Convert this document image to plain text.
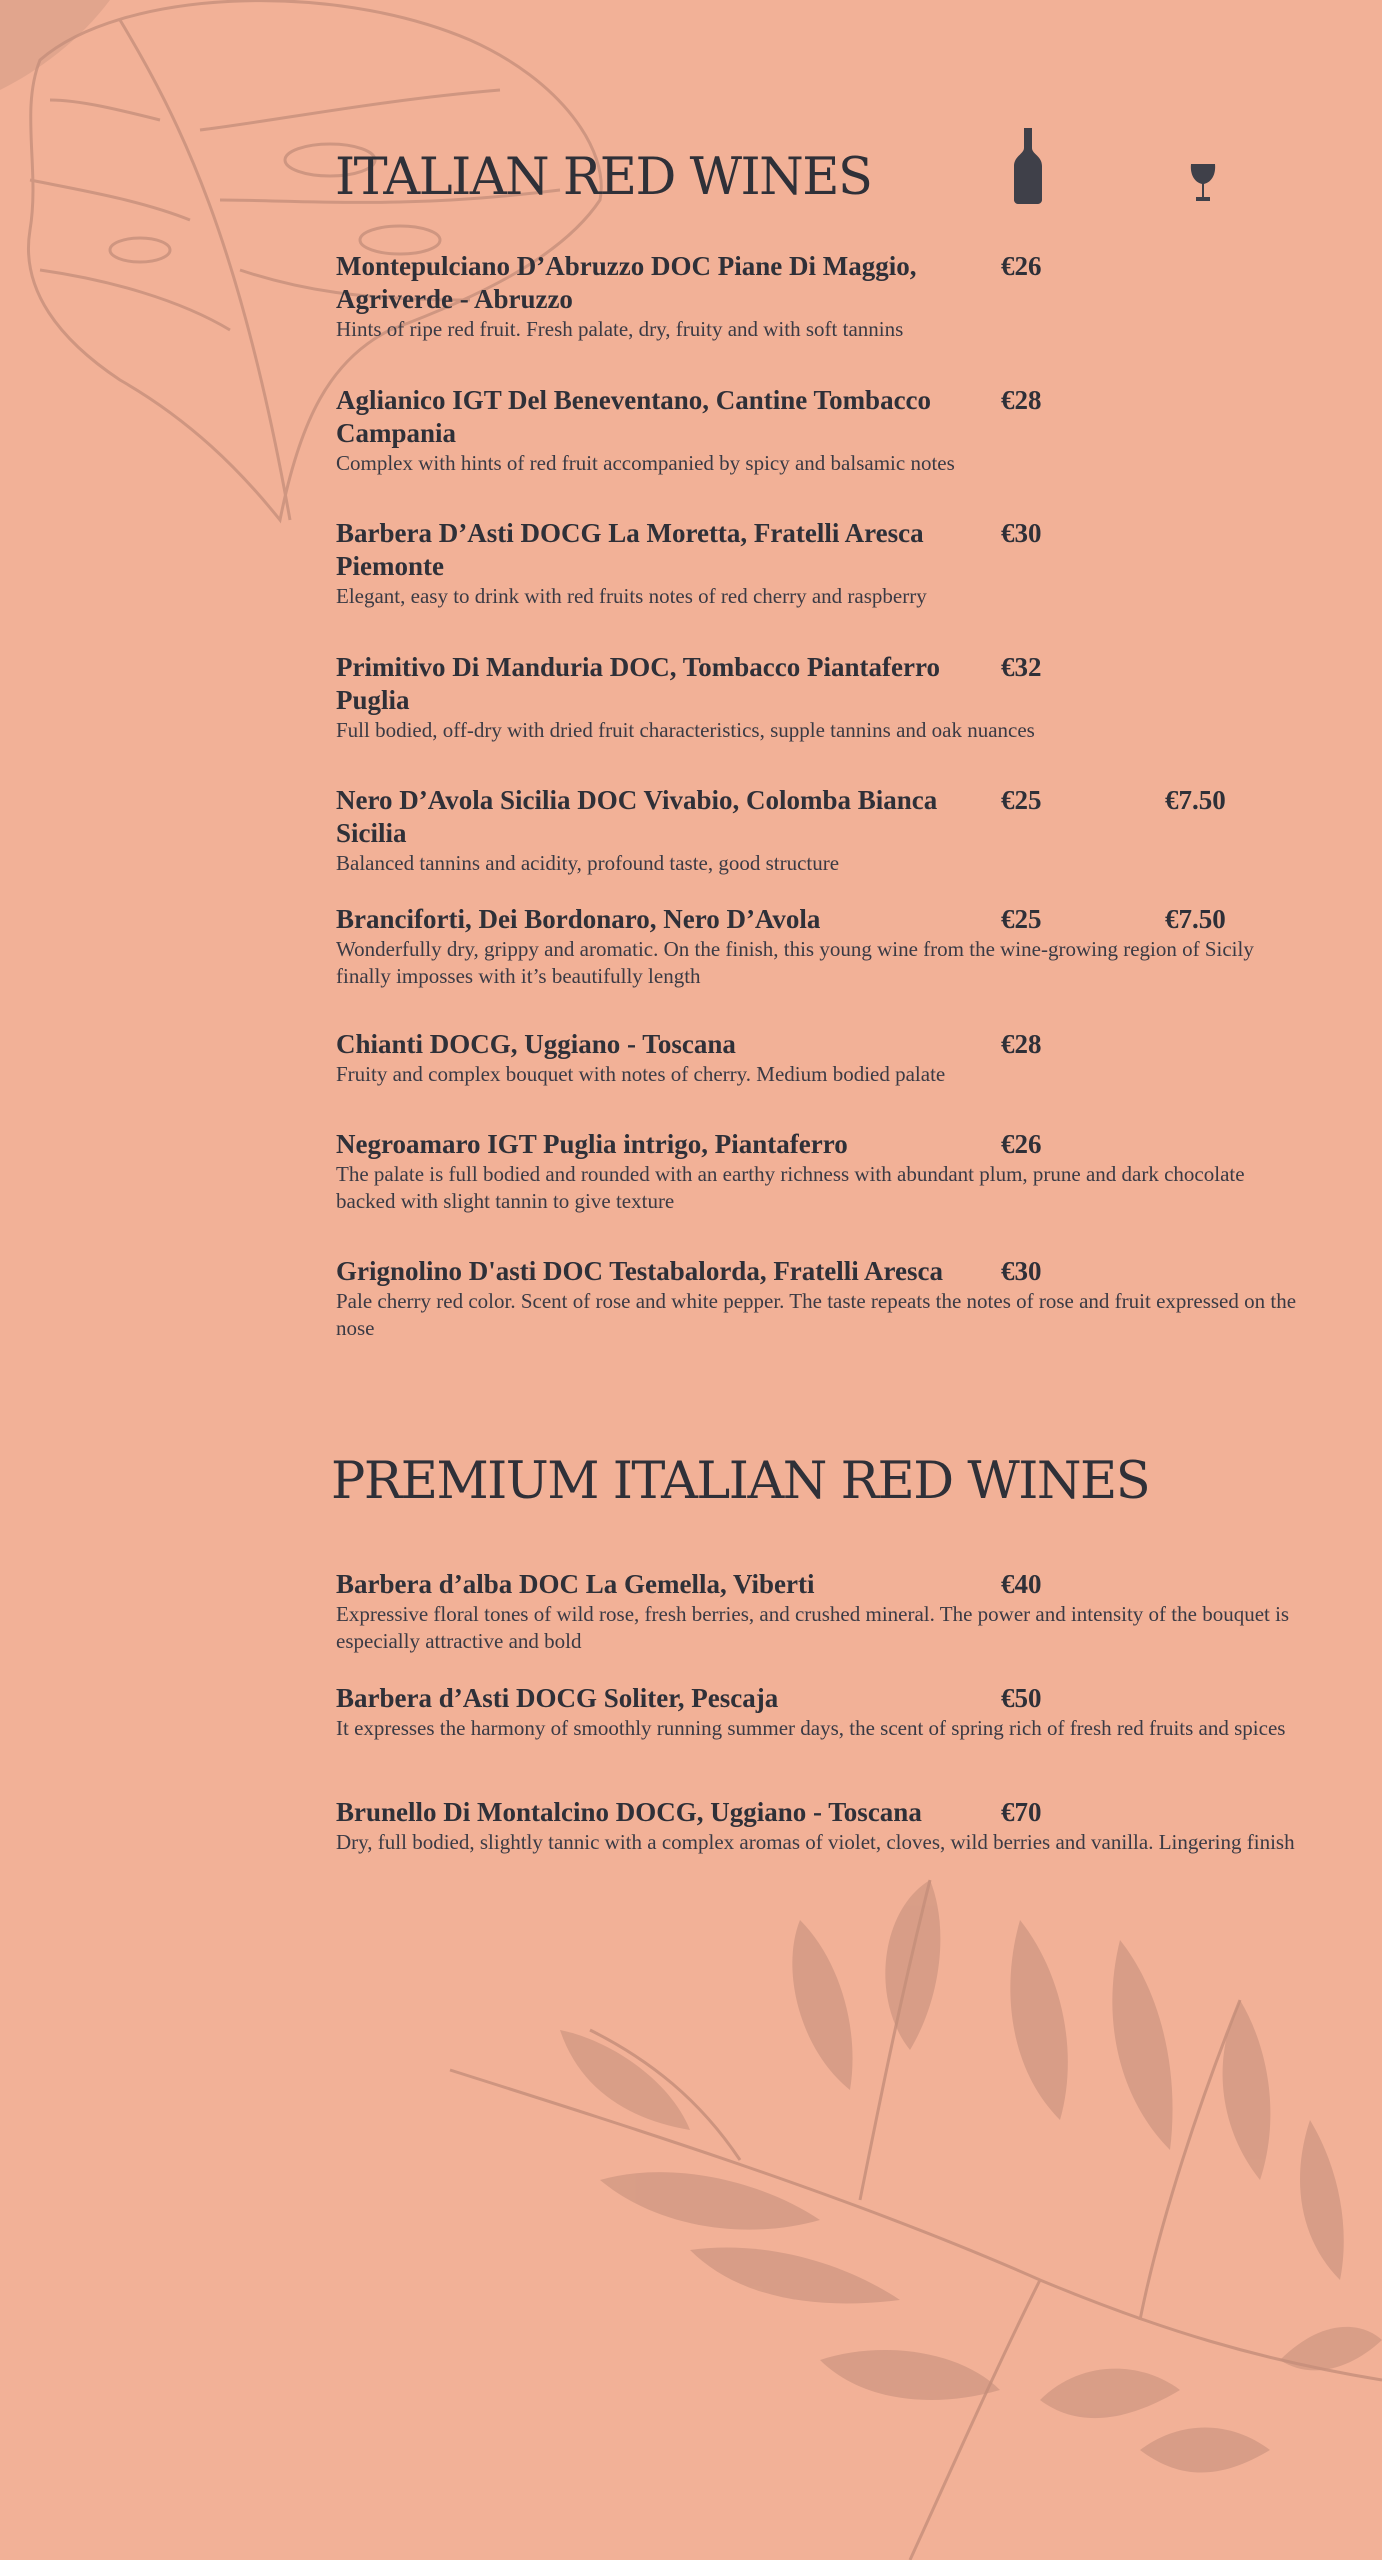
ITALIAN RED WINES
Montepulciano D’Abruzzo DOC Piane Di Maggio, Agriverde - Abruzzo
€26
Hints of ripe red fruit. Fresh palate, dry, fruity and with soft tannins
Aglianico IGT Del Beneventano, Cantine Tombacco Campania
€28
Complex with hints of red fruit accompanied by spicy and balsamic notes
Barbera D’Asti DOCG La Moretta, Fratelli Aresca Piemonte
€30
Elegant, easy to drink with red fruits notes of red cherry and raspberry
Primitivo Di Manduria DOC, Tombacco Piantaferro Puglia
€32
Full bodied, off-dry with dried fruit characteristics, supple tannins and oak nuances
Nero D’Avola Sicilia DOC Vivabio, Colomba Bianca Sicilia
€25	€7.50
Balanced tannins and acidity, profound taste, good structure
Branciforti, Dei Bordonaro, Nero D’Avola	€25	€7.50
Wonderfully dry, grippy and aromatic. On the finish, this young wine from the wine-growing region of Sicily finally imposses with it’s beautifully length
Chianti DOCG, Uggiano - Toscana	€28
Fruity and complex bouquet with notes of cherry. Medium bodied palate
Negroamaro IGT Puglia intrigo, Piantaferro	€26
The palate is full bodied and rounded with an earthy richness with abundant plum, prune and dark chocolate backed with slight tannin to give texture
Grignolino D'asti DOC Testabalorda, Fratelli Aresca	€30
Pale cherry red color. Scent of rose and white pepper. The taste repeats the notes of rose and fruit expressed on the nose
PREMIUM ITALIAN RED WINES
Barbera d’alba DOC La Gemella, Viberti	€40
Expressive floral tones of wild rose, fresh berries, and crushed mineral. The power and intensity of the bouquet is especially attractive and bold
Barbera d’Asti DOCG Soliter, Pescaja	€50
It expresses the harmony of smoothly running summer days, the scent of spring rich of fresh red fruits and spices
Brunello Di Montalcino DOCG, Uggiano - Toscana	€70
Dry, full bodied, slightly tannic with a complex aromas of violet, cloves, wild berries and vanilla. Lingering finish
